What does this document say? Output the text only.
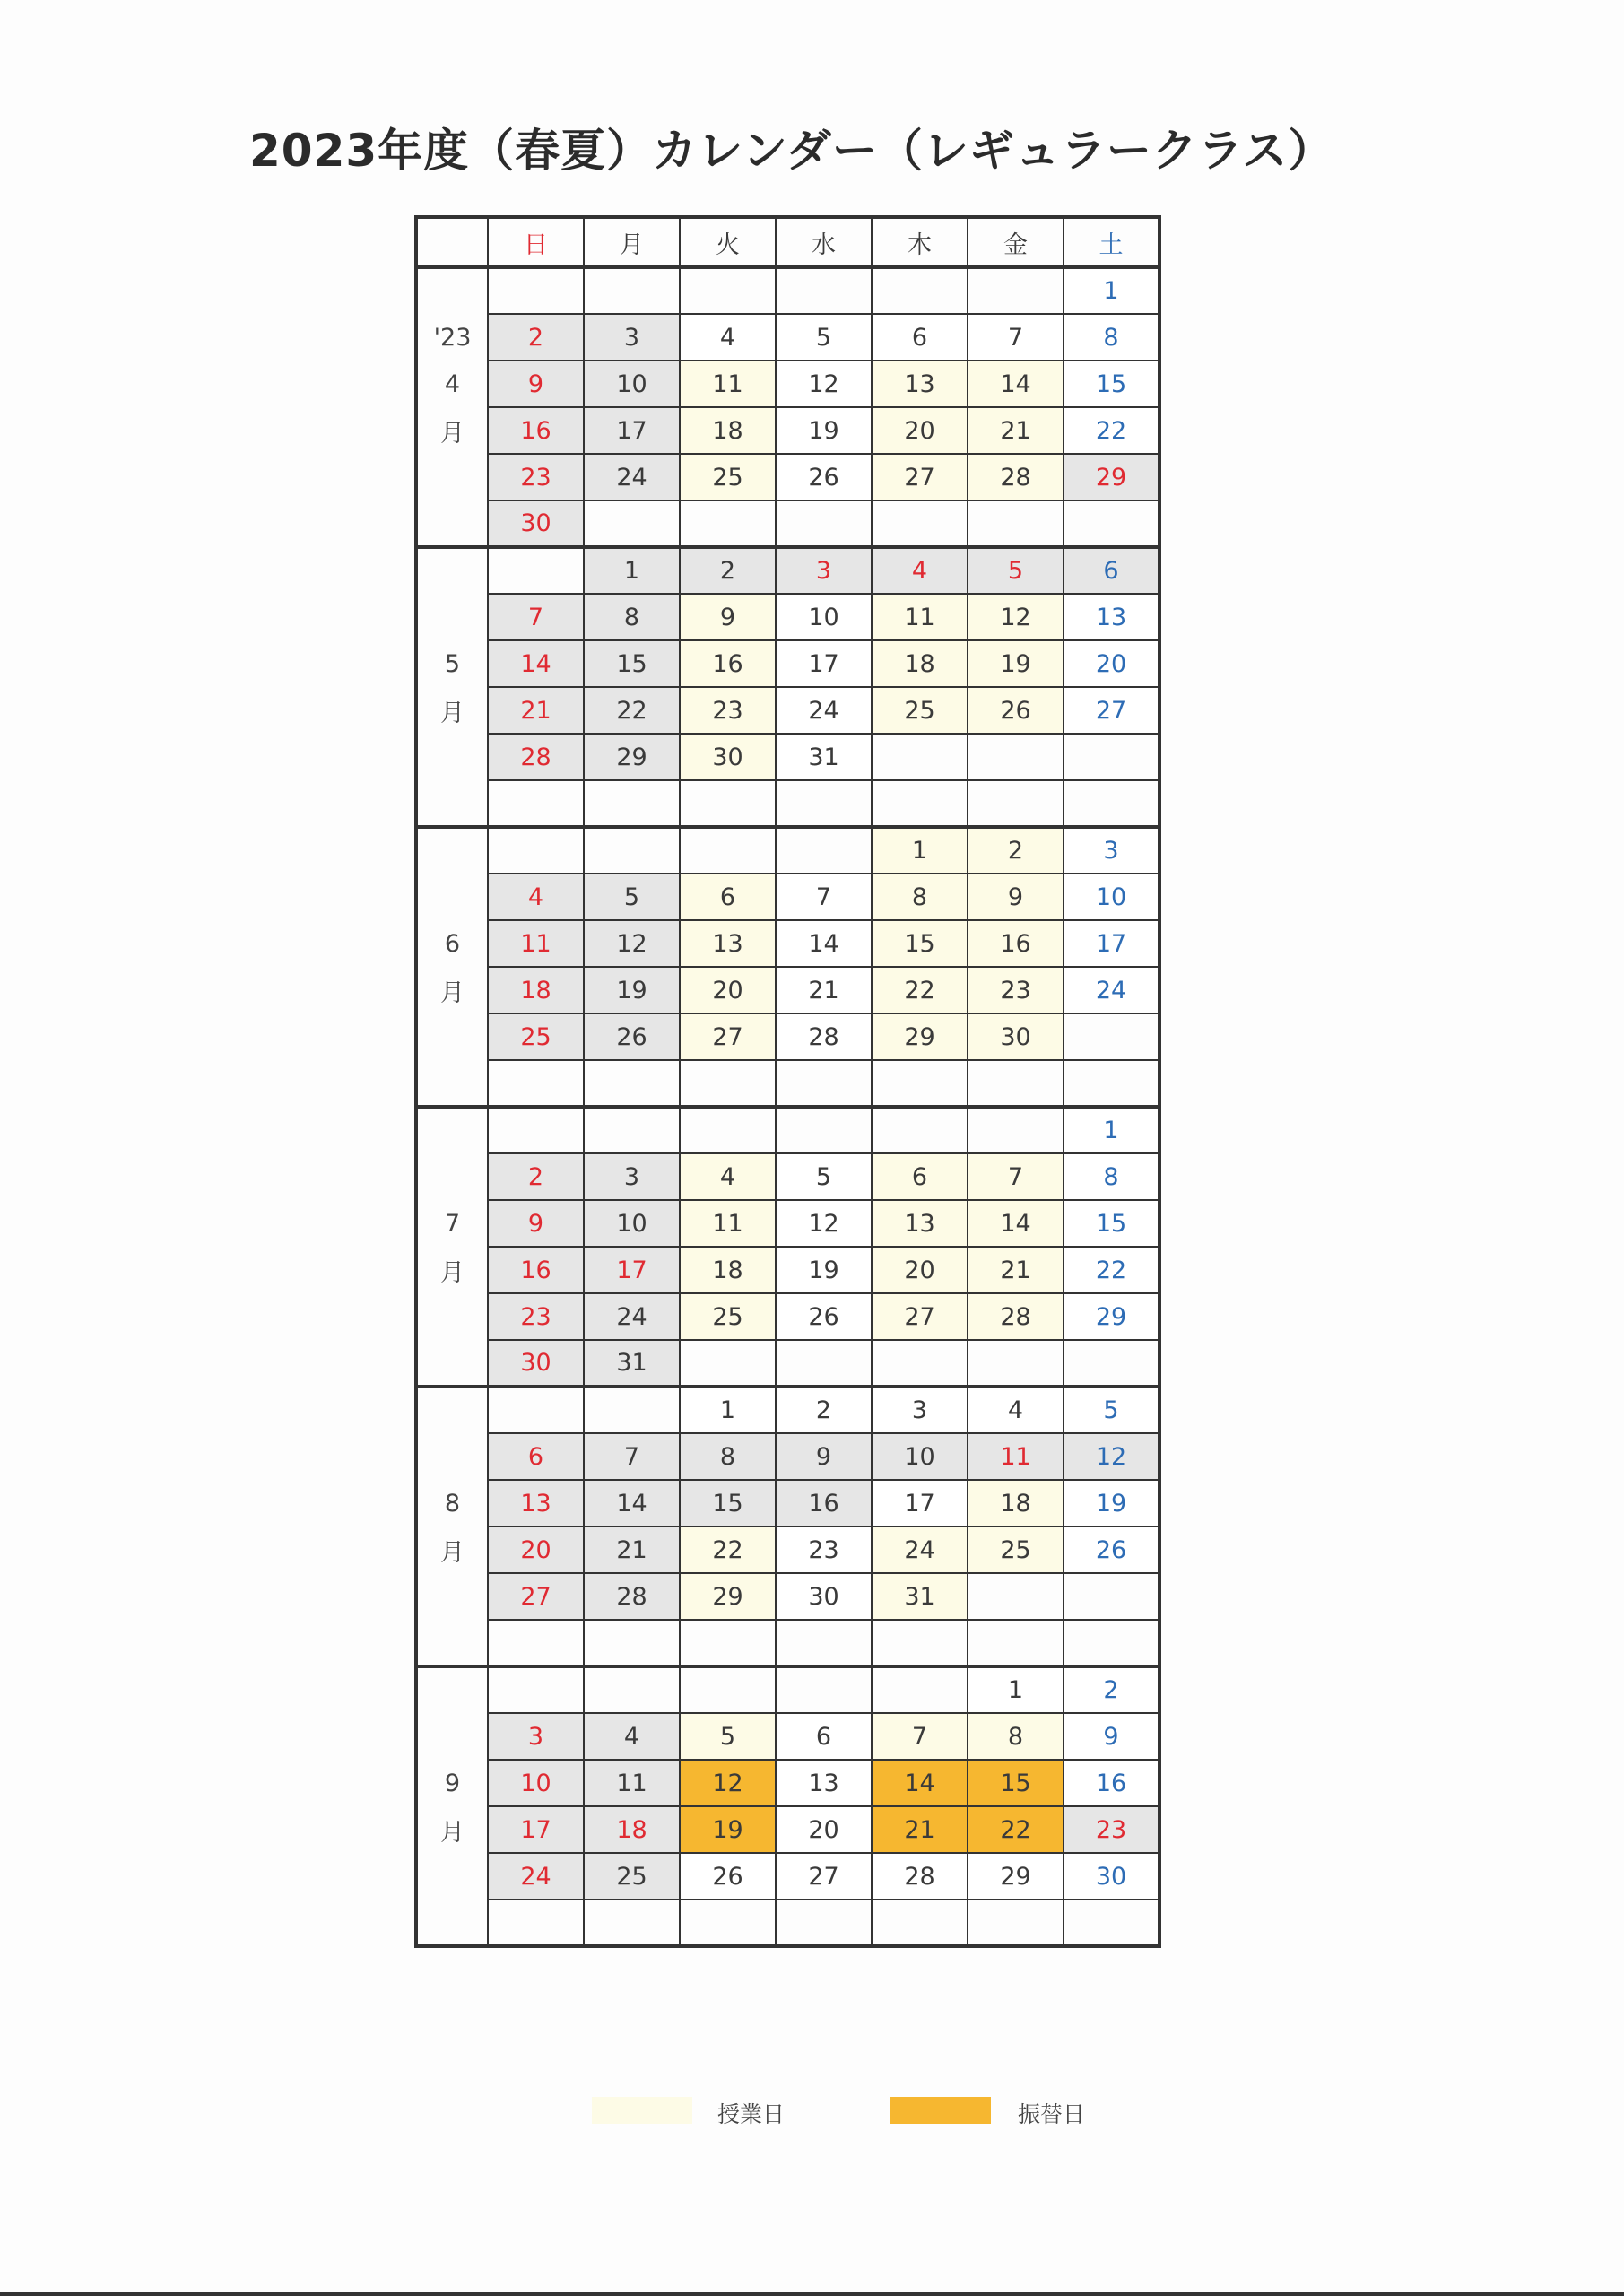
2023年度（春夏）カレンダー（レギュラークラス）
	日	月	火	水	木	金	土
							1
'23	2	3	4	5	6	7	8
4	9	10	11	12	13	14	15
月	16	17	18	19	20	21	22
	23	24	25	26	27	28	29
	30						
		1	2	3	4	5	6
	7	8	9	10	11	12	13
5	14	15	16	17	18	19	20
月	21	22	23	24	25	26	27
	28	29	30	31			

					1	2	3
	4	5	6	7	8	9	10
6	11	12	13	14	15	16	17
月	18	19	20	21	22	23	24
	25	26	27	28	29	30	

							1
	2	3	4	5	6	7	8
7	9	10	11	12	13	14	15
月	16	17	18	19	20	21	22
	23	24	25	26	27	28	29
	30	31					
			1	2	3	4	5
	6	7	8	9	10	11	12
8	13	14	15	16	17	18	19
月	20	21	22	23	24	25	26
	27	28	29	30	31		

						1	2
	3	4	5	6	7	8	9
9	10	11	12	13	14	15	16
月	17	18	19	20	21	22	23
	24	25	26	27	28	29	30

授業日	振替日
